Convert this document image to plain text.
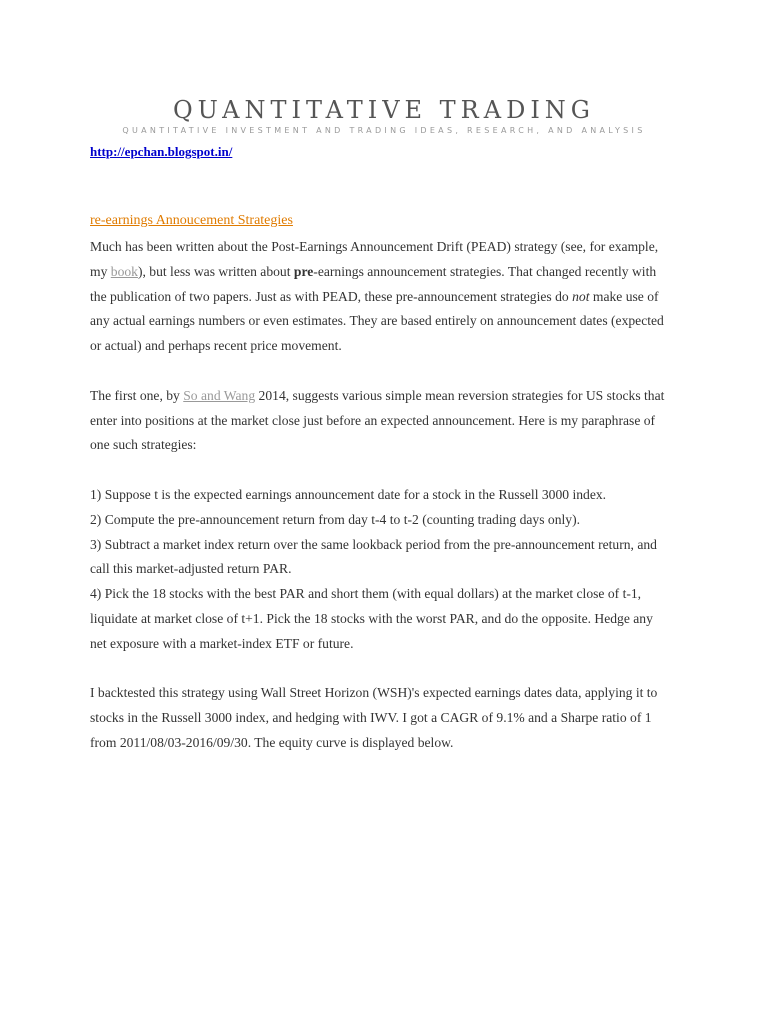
QUANTITATIVE TRADING
QUANTITATIVE INVESTMENT AND TRADING IDEAS, RESEARCH, AND ANALYSIS
http://epchan.blogspot.in/
re-earnings Annoucement Strategies

Much has been written about the Post-Earnings Announcement Drift (PEAD) strategy (see, for example,
my book), but less was written about pre-earnings announcement strategies. That changed recently with
the publication of two papers. Just as with PEAD, these pre-announcement strategies do not make use of
any actual earnings numbers or even estimates. They are based entirely on announcement dates (expected
or actual) and perhaps recent price movement.

The first one, by So and Wang 2014, suggests various simple mean reversion strategies for US stocks that
enter into positions at the market close just before an expected announcement. Here is my paraphrase of
one such strategies:

1) Suppose t is the expected earnings announcement date for a stock in the Russell 3000 index.
2) Compute the pre-announcement return from day t-4 to t-2 (counting trading days only).
3) Subtract a market index return over the same lookback period from the pre-announcement return, and
call this market-adjusted return PAR.
4) Pick the 18 stocks with the best PAR and short them (with equal dollars) at the market close of t-1,
liquidate at market close of t+1. Pick the 18 stocks with the worst PAR, and do the opposite. Hedge any
net exposure with a market-index ETF or future.

I backtested this strategy using Wall Street Horizon (WSH)'s expected earnings dates data, applying it to
stocks in the Russell 3000 index, and hedging with IWV. I got a CAGR of 9.1% and a Sharpe ratio of 1
from 2011/08/03-2016/09/30. The equity curve is displayed below.
